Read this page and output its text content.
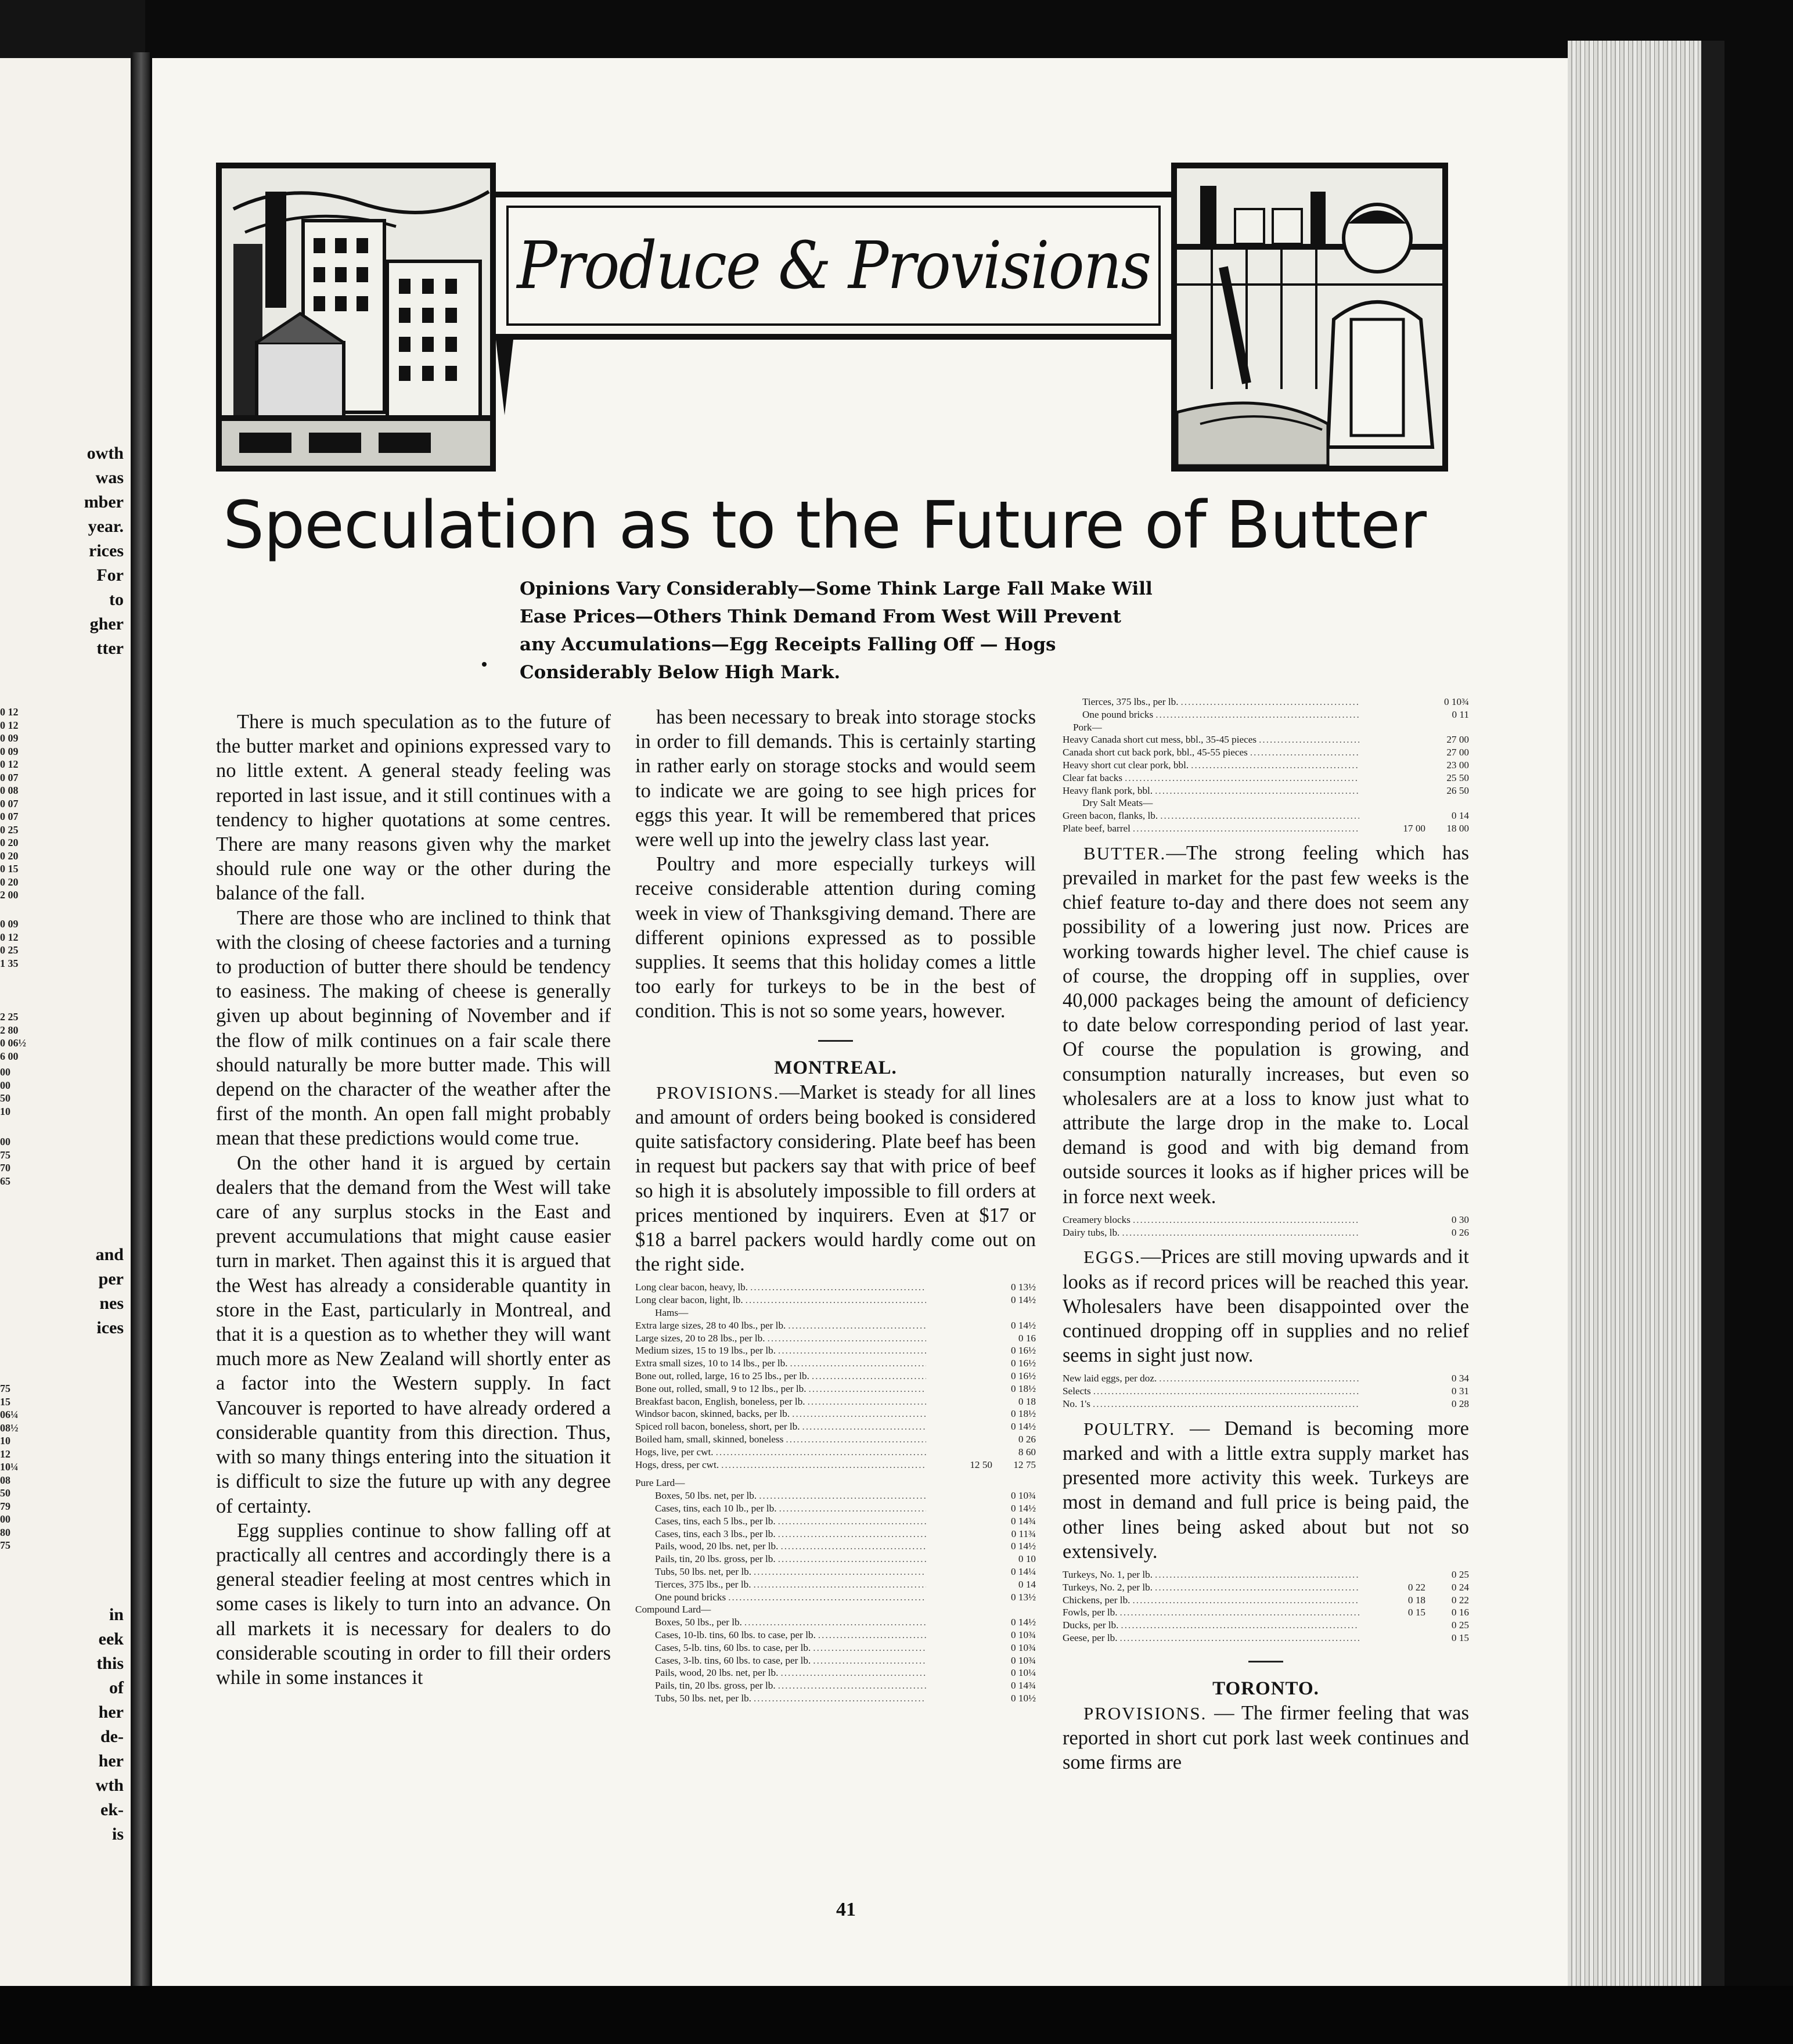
owth
was
mber
year.
rices
For
to
gher
tter
0 12
0 12
0 09
0 09
0 12
0 07
0 08
0 07
0 07
0 25
0 20
0 20
0 15
0 20
2 00
0 09
0 12
0 25
1 35
2 25
2 80
0 06½
6 00
00
00
50
10
00
75
70
65
and
per
nes
ices
75
15
06¼
08½
10
12
10¼
08
50
79
00
80
75
in
eek
this
of
her
de-
her
wth
ek-
is
Produce & Provisions
Speculation as to the Future of Butter
Opinions Vary Considerably—Some Think Large Fall Make Will Ease Prices—Others Think Demand From West Will Prevent any Accumulations—Egg Receipts Falling Off — Hogs Considerably Below High Mark.

There is much speculation as to the future of the butter market and opinions expressed vary to no little extent. A general steady feeling was reported in last issue, and it still continues with a tendency to higher quotations at some centres. There are many reasons given why the market should rule one way or the other during the balance of the fall.

There are those who are inclined to think that with the closing of cheese factories and a turning to production of butter there should be tendency to easiness. The making of cheese is generally given up about beginning of November and if the flow of milk continues on a fair scale there should naturally be more butter made. This will depend on the character of the weather after the first of the month. An open fall might probably mean that these predictions would come true.

On the other hand it is argued by certain dealers that the demand from the West will take care of any surplus stocks in the East and prevent accumulations that might cause easier turn in market. Then against this it is argued that the West has already a considerable quantity in store in the East, particularly in Montreal, and that it is a question as to whether they will want much more as New Zealand will shortly enter as a factor into the Western supply. In fact Vancouver is reported to have already ordered a considerable quantity from this direction. Thus, with so many things entering into the situation it is difficult to size the future up with any degree of certainty.

Egg supplies continue to show falling off at practically all centres and accordingly there is a general steadier feeling at most centres which in some cases is likely to turn into an advance. On all markets it is necessary for dealers to do considerable scouting in order to fill their orders while in some instances it

has been necessary to break into storage stocks in order to fill demands. This is certainly starting in rather early on storage stocks and would seem to indicate we are going to see high prices for eggs this year. It will be remembered that prices were well up into the jewelry class last year.

Poultry and more especially turkeys will receive considerable attention during coming week in view of Thanksgiving demand. There are different opinions expressed as to possible supplies. It seems that this holiday comes a little too early for turkeys to be in the best of condition. This is not so some years, however.

MONTREAL.

PROVISIONS.—Market is steady for all lines and amount of orders being booked is considered quite satisfactory considering. Plate beef has been in request but packers say that with price of beef so high it is absolutely impossible to fill orders at prices mentioned by inquirers. Even at $17 or $18 a barrel packers would hardly come out on the right side.

Long clear bacon, heavy, lb. .....	0 13½
Long clear bacon, light, lb. .....	0 14½
Hams—
Extra large sizes, 28 to 40 lbs., per lb. .....	0 14½
Large sizes, 20 to 28 lbs., per lb. .....	0 16
Medium sizes, 15 to 19 lbs., per lb. .....	0 16½
Extra small sizes, 10 to 14 lbs., per lb. .....	0 16½
Bone out, rolled, large, 16 to 25 lbs., per lb. .....	0 16½
Bone out, rolled, small, 9 to 12 lbs., per lb. .....	0 18½
Breakfast bacon, English, boneless, per lb. .....	0 18
Windsor bacon, skinned, backs, per lb. .....	0 18½
Spiced roll bacon, boneless, short, per lb. .....	0 14½
Boiled ham, small, skinned, boneless .....	0 26
Hogs, live, per cwt. .....	8 60
Hogs, dress, per cwt. .....	12 50	12 75
Pure Lard—
Boxes, 50 lbs. net, per lb. .....	0 10¾
Cases, tins, each 10 lb., per lb. .....	0 14½
Cases, tins, each 5 lbs., per lb. .....	0 14¾
Cases, tins, each 3 lbs., per lb. .....	0 11¾
Pails, wood, 20 lbs. net, per lb. .....	0 14½
Pails, tin, 20 lbs. gross, per lb. .....	0 10
Tubs, 50 lbs. net, per lb. .....	0 14¼
Tierces, 375 lbs., per lb. .....	0 14
One pound bricks .....	0 13½
Compound Lard—
Boxes, 50 lbs., per lb. .....	0 14½
Cases, 10-lb. tins, 60 lbs. to case, per lb. .....	0 10¾
Cases, 5-lb. tins, 60 lbs. to case, per lb. .....	0 10¾
Cases, 3-lb. tins, 60 lbs. to case, per lb. .....	0 10¾
Pails, wood, 20 lbs. net, per lb. .....	0 10¼
Pails, tin, 20 lbs. gross, per lb. .....	0 14¾
Tubs, 50 lbs. net, per lb. .....	0 10½
Tierces, 375 lbs., per lb. .....	0 10¾
One pound bricks .....	0 11
Pork—
Heavy Canada short cut mess, bbl., 35-45 pieces .....	27 00
Canada short cut back pork, bbl., 45-55 pieces .....	27 00
Heavy short cut clear pork, bbl. .....	23 00
Clear fat backs .....	25 50
Heavy flank pork, bbl. .....	26 50
Dry Salt Meats—
Green bacon, flanks, lb. .....	0 14
Plate beef, barrel .....	17 00	18 00

BUTTER.—The strong feeling which has prevailed in market for the past few weeks is the chief feature to-day and there does not seem any possibility of a lowering just now. Prices are working towards higher level. The chief cause is of course, the dropping off in supplies, over 40,000 packages being the amount of deficiency to date below corresponding period of last year. Of course the population is growing, and consumption naturally increases, but even so wholesalers are at a loss to know just what to attribute the large drop in the make to. Local demand is good and with big demand from outside sources it looks as if higher prices will be in force next week.

Creamery blocks .....	0 30
Dairy tubs, lb. .....	0 26

EGGS.—Prices are still moving upwards and it looks as if record prices will be reached this year. Wholesalers have been disappointed over the continued dropping off in supplies and no relief seems in sight just now.

New laid eggs, per doz. .....	0 34
Selects .....	0 31
No. 1's .....	0 28

POULTRY. — Demand is becoming more marked and with a little extra supply market has presented more activity this week. Turkeys are most in demand and full price is being paid, the other lines being asked about but not so extensively.

Turkeys, No. 1, per lb. .....	0 25
Turkeys, No. 2, per lb. .....	0 22	0 24
Chickens, per lb. .....	0 18	0 22
Fowls, per lb. .....	0 15	0 16
Ducks, per lb. .....	0 25
Geese, per lb. .....	0 15

TORONTO.

PROVISIONS. — The firmer feeling that was reported in short cut pork last week continues and some firms are

41
